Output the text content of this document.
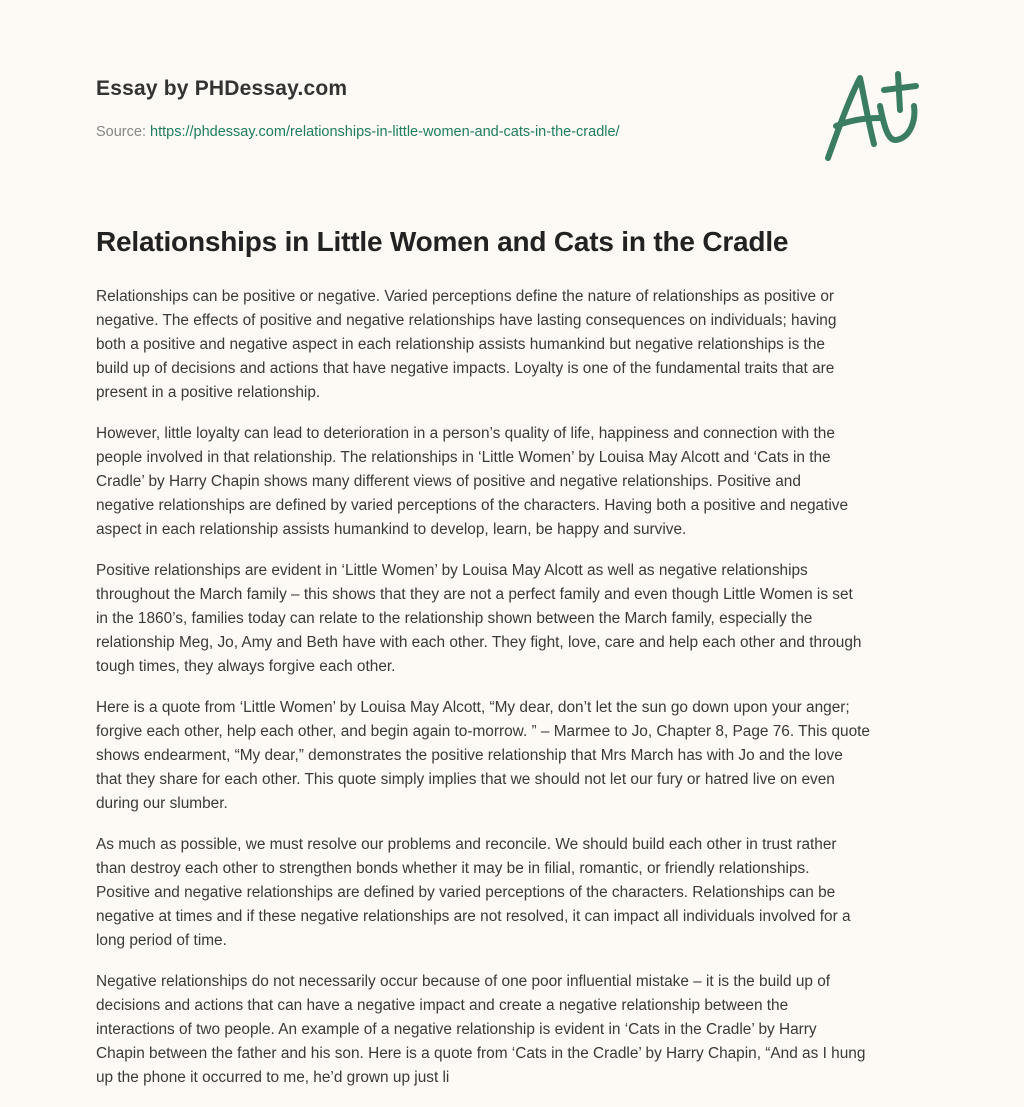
Essay by PHDessay.com
Source: https://phdessay.com/relationships-in-little-women-and-cats-in-the-cradle/
Relationships in Little Women and Cats in the Cradle

Relationships can be positive or negative. Varied perceptions define the nature of relationships as positive or
negative. The effects of positive and negative relationships have lasting consequences on individuals; having
both a positive and negative aspect in each relationship assists humankind but negative relationships is the
build up of decisions and actions that have negative impacts. Loyalty is one of the fundamental traits that are
present in a positive relationship.

However, little loyalty can lead to deterioration in a person’s quality of life, happiness and connection with the
people involved in that relationship. The relationships in ‘Little Women’ by Louisa May Alcott and ‘Cats in the
Cradle’ by Harry Chapin shows many different views of positive and negative relationships. Positive and
negative relationships are defined by varied perceptions of the characters. Having both a positive and negative
aspect in each relationship assists humankind to develop, learn, be happy and survive.

Positive relationships are evident in ‘Little Women’ by Louisa May Alcott as well as negative relationships
throughout the March family – this shows that they are not a perfect family and even though Little Women is set
in the 1860’s, families today can relate to the relationship shown between the March family, especially the
relationship Meg, Jo, Amy and Beth have with each other. They fight, love, care and help each other and through
tough times, they always forgive each other.

Here is a quote from ‘Little Women’ by Louisa May Alcott, “My dear, don’t let the sun go down upon your anger;
forgive each other, help each other, and begin again to-morrow. ” – Marmee to Jo, Chapter 8, Page 76. This quote
shows endearment, “My dear,” demonstrates the positive relationship that Mrs March has with Jo and the love
that they share for each other. This quote simply implies that we should not let our fury or hatred live on even
during our slumber.

As much as possible, we must resolve our problems and reconcile. We should build each other in trust rather
than destroy each other to strengthen bonds whether it may be in filial, romantic, or friendly relationships.
Positive and negative relationships are defined by varied perceptions of the characters. Relationships can be
negative at times and if these negative relationships are not resolved, it can impact all individuals involved for a
long period of time.

Negative relationships do not necessarily occur because of one poor influential mistake – it is the build up of
decisions and actions that can have a negative impact and create a negative relationship between the
interactions of two people. An example of a negative relationship is evident in ‘Cats in the Cradle’ by Harry
Chapin between the father and his son. Here is a quote from ‘Cats in the Cradle’ by Harry Chapin, “And as I hung
up the phone it occurred to me, he’d grown up just li
